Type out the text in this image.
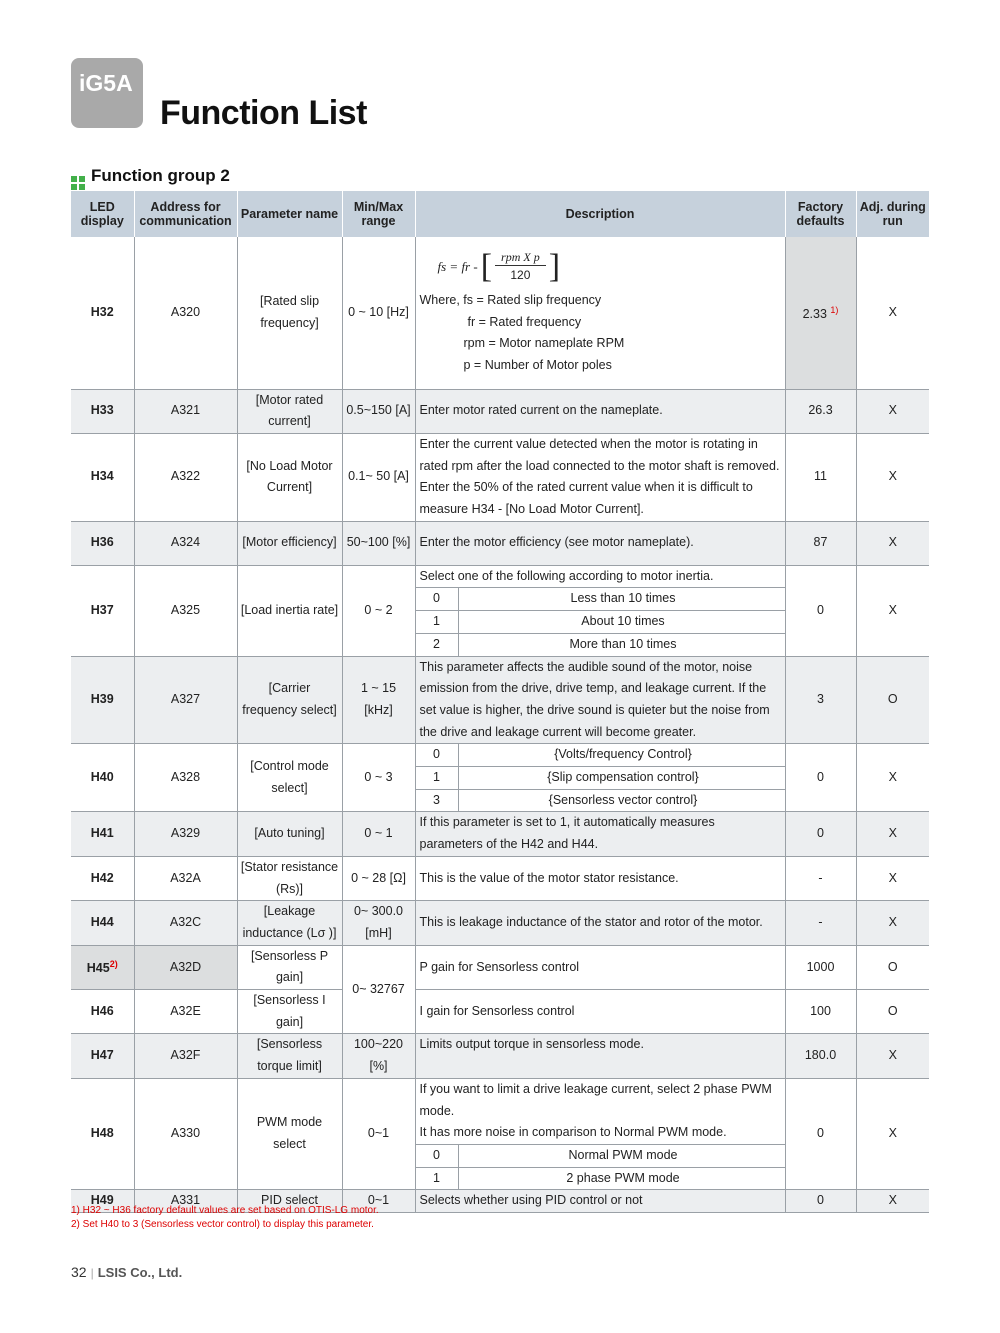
iG5A
Function List
Function group 2
LED display	Address for communication	Parameter name	Min/Max range	Description	Factory defaults	Adj. during run
H32	A320	[Rated slip frequency]	0 ~ 10 [Hz]	
fs = fr - [ $\frac{\text{rpm X p}}{120}$ ]
Where, fs = Rated slip frequency
fr = Rated frequency
rpm = Motor nameplate RPM
p = Number of Motor poles
	2.33 $^{1)}$	X
H33	A321	[Motor rated current]	0.5~150 [A]	Enter motor rated current on the nameplate.	26.3	X
H34	A322	[No Load Motor Current]	0.1~ 50 [A]	Enter the current value detected when the motor is rotating in rated rpm after the load connected to the motor shaft is removed. Enter the 50% of the rated current value when it is difficult to measure H34 - [No Load Motor Current].	11	X
H36	A324	[Motor efficiency]	50~100 [%]	Enter the motor efficiency (see motor nameplate).	87	X
H37	A325	[Load inertia rate]	0 ~ 2	
Select one of the following according to motor inertia.
0	Less than 10 times
1	About 10 times
2	More than 10 times
	0	X
H39	A327	[Carrier frequency select]	1 ~ 15 [kHz]	This parameter affects the audible sound of the motor, noise emission from the drive, drive temp, and leakage current. If the set value is higher, the drive sound is quieter but the noise from the drive and leakage current will become greater.	3	O
H40	A328	[Control mode select]	0 ~ 3	
0	{Volts/frequency Control}
1	{Slip compensation control}
3	{Sensorless vector control}
	0	X
H41	A329	[Auto tuning]	0 ~ 1	If this parameter is set to 1, it automatically measures parameters of the H42 and H44.	0	X
H42	A32A	[Stator resistance (Rs)]	0 ~ 28 [Ω]	This is the value of the motor stator resistance.	-	X
H44	A32C	[Leakage inductance (Lσ )]	0~ 300.0 [mH]	This is leakage inductance of the stator and rotor of the motor.	-	X
H45$^{2)}$	A32D	[Sensorless P gain]	0~ 32767	P gain for Sensorless control	1000	O
H46	A32E	[Sensorless I gain]	I gain for Sensorless control	100	O
H47	A32F	[Sensorless torque limit]	100~220 [%]	Limits output torque in sensorless mode.	180.0	X
H48	A330	PWM mode select	0~1	
If you want to limit a drive leakage current, select 2 phase PWM mode.
It has more noise in comparison to Normal PWM mode.
0	Normal PWM mode
1	2 phase PWM mode
	0	X
H49	A331	PID select	0~1	Selects whether using PID control or not	0	X
1) H32 ~ H36 factory default values are set based on OTIS-LG motor.
2) Set H40 to 3 (Sensorless vector control) to display this parameter.
32 | LSIS Co., Ltd.
